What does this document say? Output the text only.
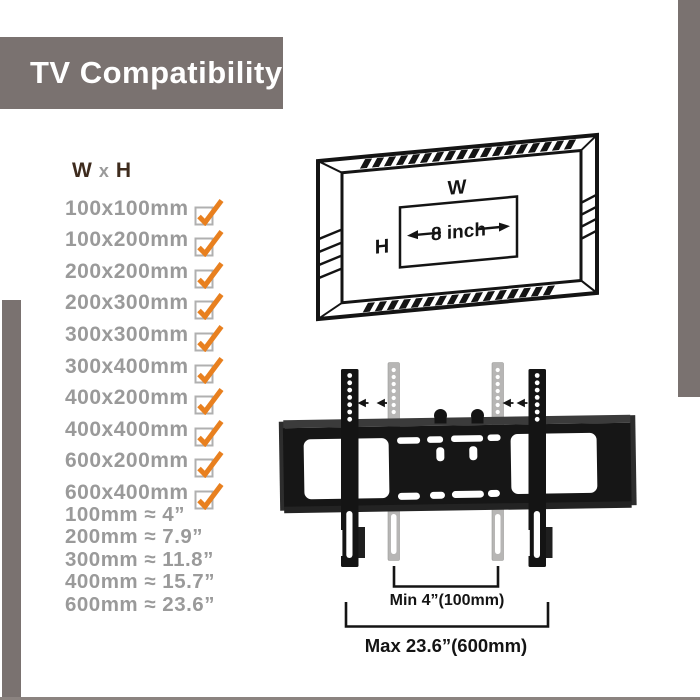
TV Compatibility
W x H
100x100mm
100x200mm
200x200mm
200x300mm
300x300mm
300x400mm
400x200mm
400x400mm
600x200mm
600x400mm
100mm ≈ 4”
200mm ≈ 7.9”
300mm ≈ 11.8”
400mm ≈ 15.7”
600mm ≈ 23.6”
8 inch
W
H
Min 4”(100mm)
Max 23.6”(600mm)
